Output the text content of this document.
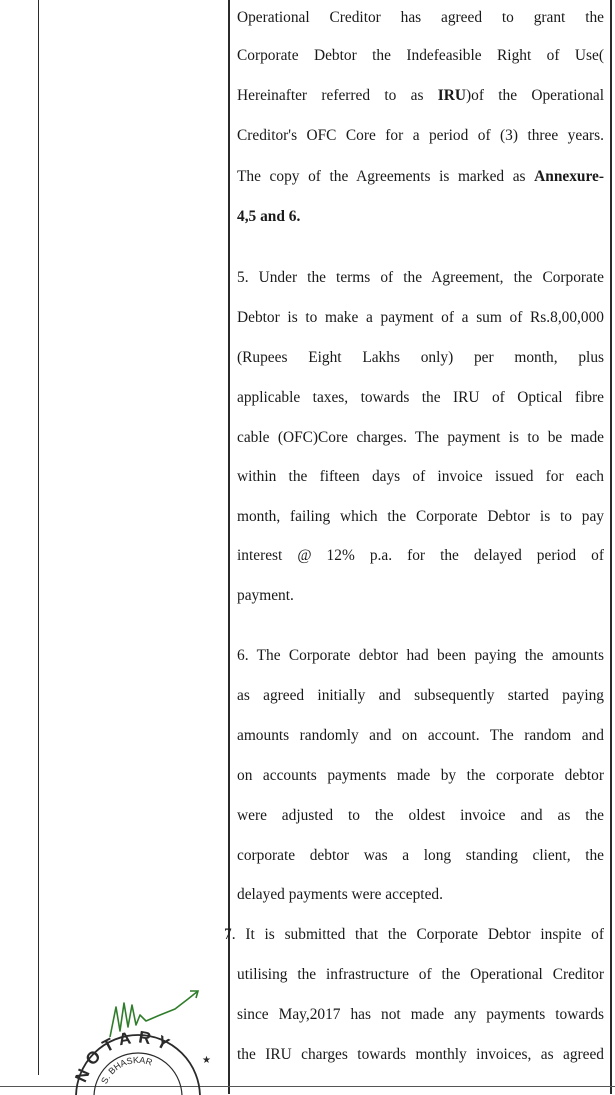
Operational Creditor has agreed to grant the
Corporate Debtor the Indefeasible Right of Use(
Hereinafter referred to as IRU)of the Operational
Creditor's OFC Core for a period of (3) three years.
The copy of the Agreements is marked as Annexure-
4,5 and 6.
5. Under the terms of the Agreement, the Corporate
Debtor is to make a payment of a sum of Rs.8,00,000
(Rupees Eight Lakhs only) per month, plus
applicable taxes, towards the IRU of Optical fibre
cable (OFC)Core charges. The payment is to be made
within the fifteen days of invoice issued for each
month, failing which the Corporate Debtor is to pay
interest @ 12% p.a. for the delayed period of
payment.
6. The Corporate debtor had been paying the amounts
as agreed initially and subsequently started paying
amounts randomly and on account. The random and
on accounts payments made by the corporate debtor
were adjusted to the oldest invoice and as the
corporate debtor was a long standing client, the
delayed payments were accepted.
7. It is submitted that the Corporate Debtor inspite of
utilising the infrastructure of the Operational Creditor
since May,2017 has not made any payments towards
the IRU charges towards monthly invoices, as agreed
NOTARY
S. BHASKAR	★
